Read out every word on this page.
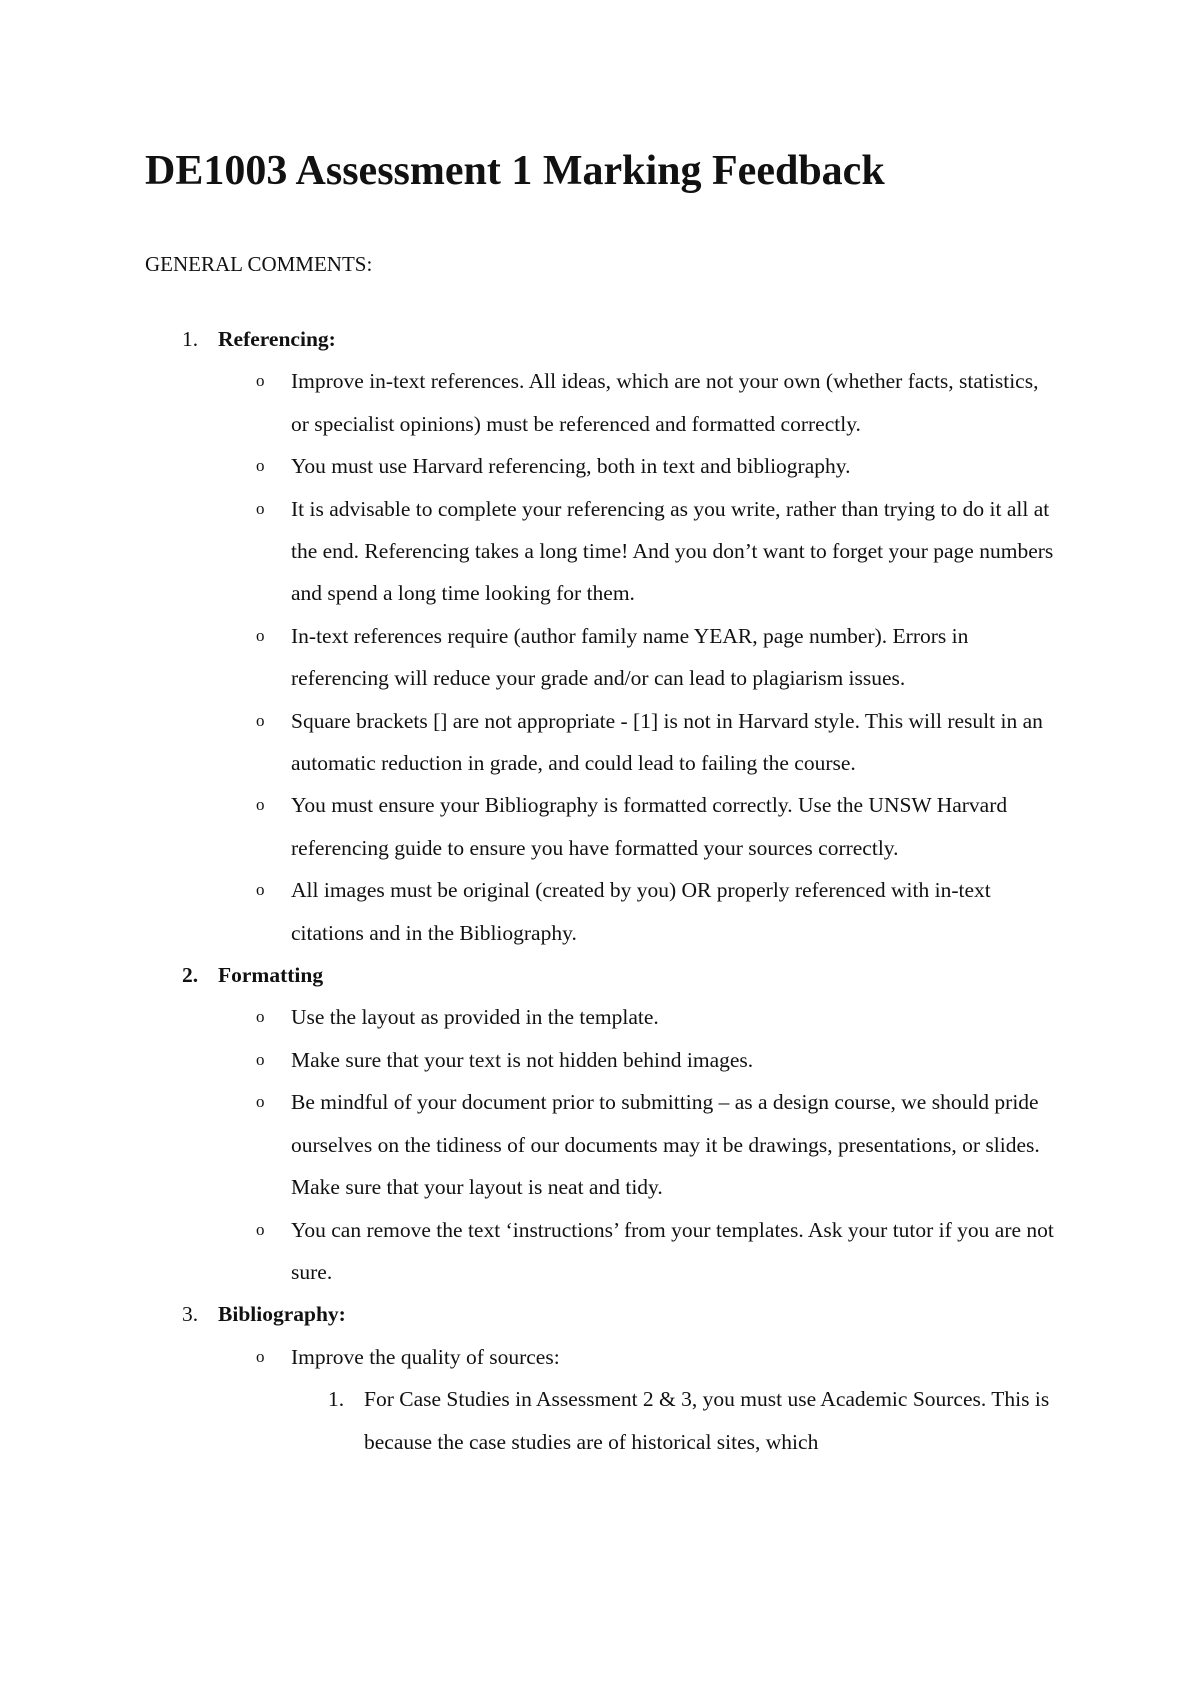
DE1003 Assessment 1 Marking Feedback

GENERAL COMMENTS:

1. Referencing:
o Improve in-text references. All ideas, which are not your own (whether facts, statistics, or specialist opinions) must be referenced and formatted correctly.
o You must use Harvard referencing, both in text and bibliography.
o It is advisable to complete your referencing as you write, rather than trying to do it all at the end. Referencing takes a long time! And you don’t want to forget your page numbers and spend a long time looking for them.
o In-text references require (author family name YEAR, page number). Errors in referencing will reduce your grade and/or can lead to plagiarism issues.
o Square brackets [] are not appropriate - [1] is not in Harvard style. This will result in an automatic reduction in grade, and could lead to failing the course.
o You must ensure your Bibliography is formatted correctly. Use the UNSW Harvard referencing guide to ensure you have formatted your sources correctly.
o All images must be original (created by you) OR properly referenced with in-text citations and in the Bibliography.
2. Formatting
o Use the layout as provided in the template.
o Make sure that your text is not hidden behind images.
o Be mindful of your document prior to submitting – as a design course, we should pride ourselves on the tidiness of our documents may it be drawings, presentations, or slides. Make sure that your layout is neat and tidy.
o You can remove the text ‘instructions’ from your templates. Ask your tutor if you are not sure.
3. Bibliography:
o Improve the quality of sources:
1. For Case Studies in Assessment 2 & 3, you must use Academic Sources. This is because the case studies are of historical sites, which
